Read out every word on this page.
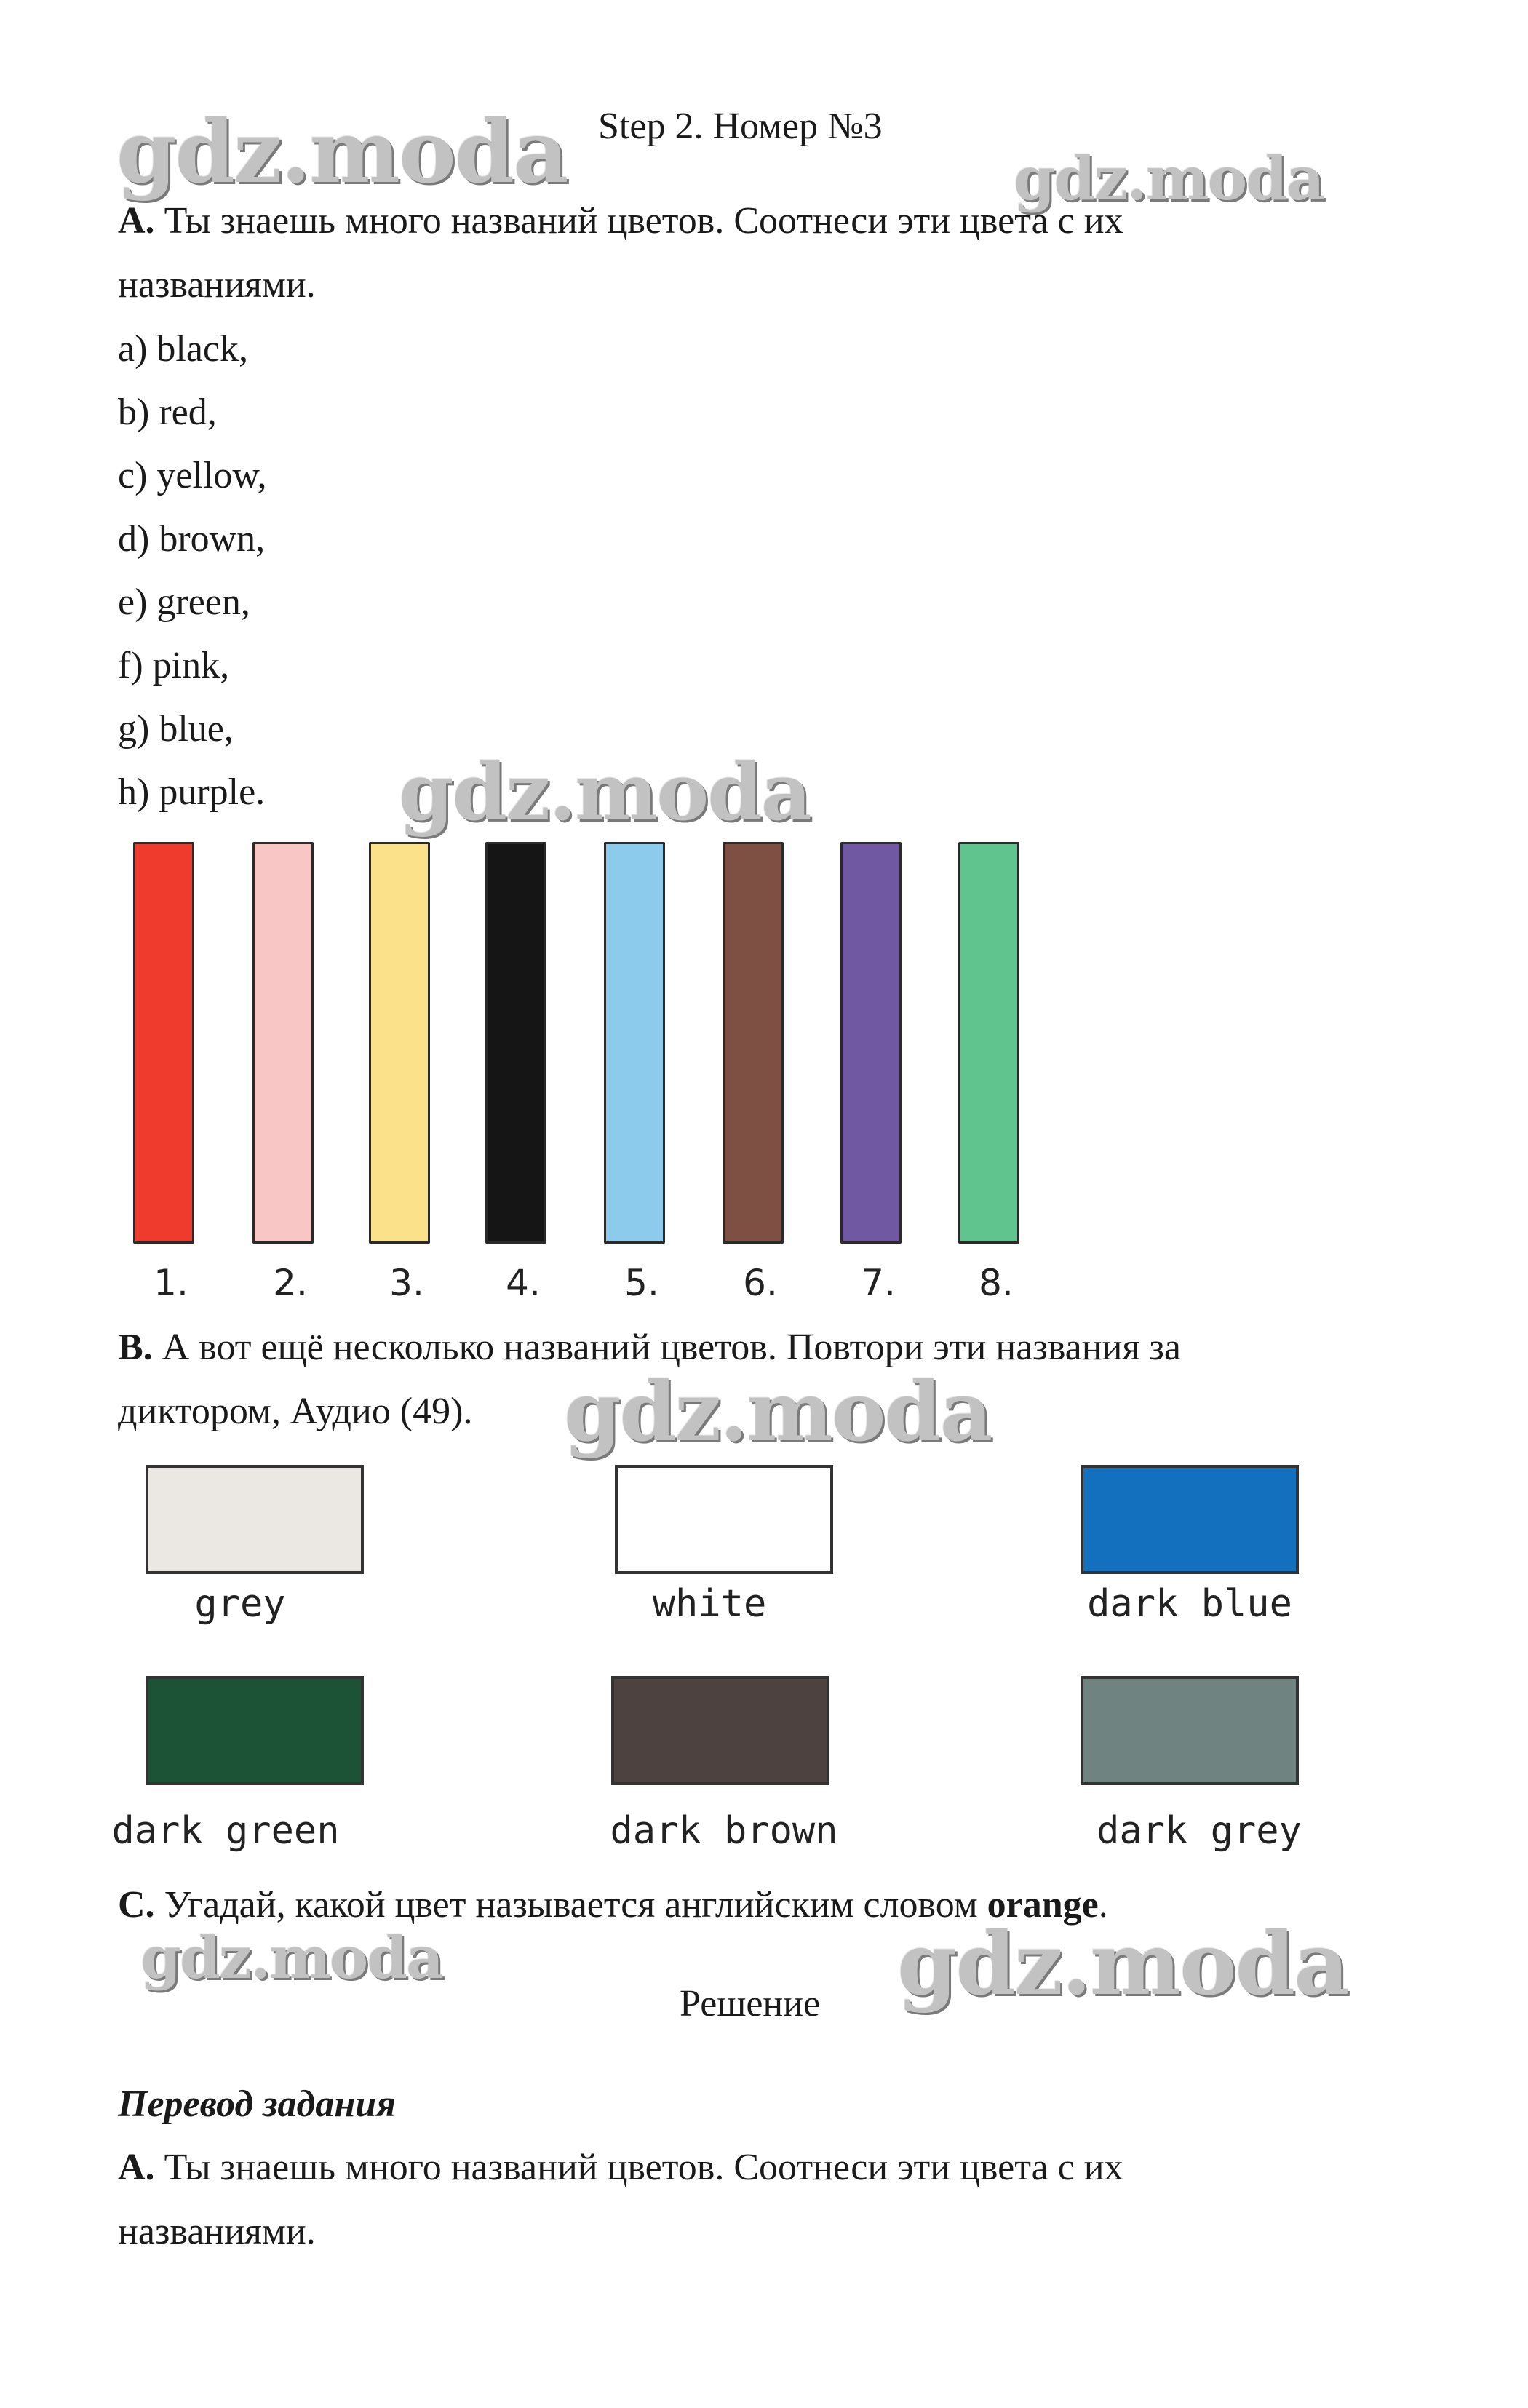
gdz.moda	gdz.moda
gdz.moda
gdz.moda
gdz.moda	gdz.moda
Step 2. Номер №3
A. Ты знаешь много названий цветов. Соотнеси эти цвета с их
названиями.
a) black,
b) red,
c) yellow,
d) brown,
e) green,
f) pink,
g) blue,
h) purple.
1.	2.	3.	4.	5.	6.	7.	8.
B. А вот ещё несколько названий цветов. Повтори эти названия за
диктором, Аудио (49).
grey	white	dark blue
dark green	dark brown	dark grey
C. Угадай, какой цвет называется английским словом orange.
Решение
Перевод задания
A. Ты знаешь много названий цветов. Соотнеси эти цвета с их
названиями.
